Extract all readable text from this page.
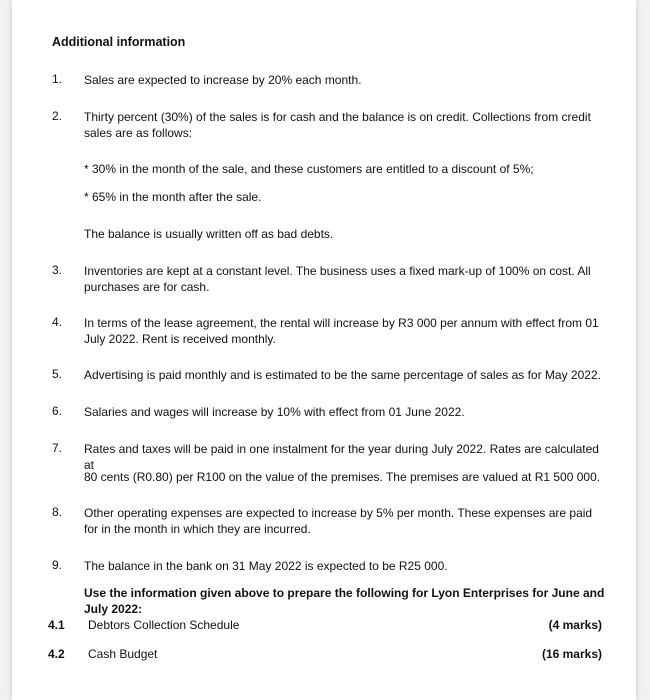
Additional information
1. Sales are expected to increase by 20% each month.
2. Thirty percent (30%) of the sales is for cash and the balance is on credit. Collections from credit sales are as follows:
* 30% in the month of the sale, and these customers are entitled to a discount of 5%;
* 65% in the month after the sale.
The balance is usually written off as bad debts.
3. Inventories are kept at a constant level. The business uses a fixed mark-up of 100% on cost. All purchases are for cash.
4. In terms of the lease agreement, the rental will increase by R3 000 per annum with effect from 01 July 2022. Rent is received monthly.
5. Advertising is paid monthly and is estimated to be the same percentage of sales as for May 2022.
6. Salaries and wages will increase by 10% with effect from 01 June 2022.
7. Rates and taxes will be paid in one instalment for the year during July 2022. Rates are calculated at
80 cents (R0.80) per R100 on the value of the premises. The premises are valued at R1 500 000.
8. Other operating expenses are expected to increase by 5% per month. These expenses are paid for in the month in which they are incurred.
9. The balance in the bank on 31 May 2022 is expected to be R25 000.
Use the information given above to prepare the following for Lyon Enterprises for June and July 2022:
4.1 Debtors Collection Schedule	(4 marks)
4.2 Cash Budget	(16 marks)
